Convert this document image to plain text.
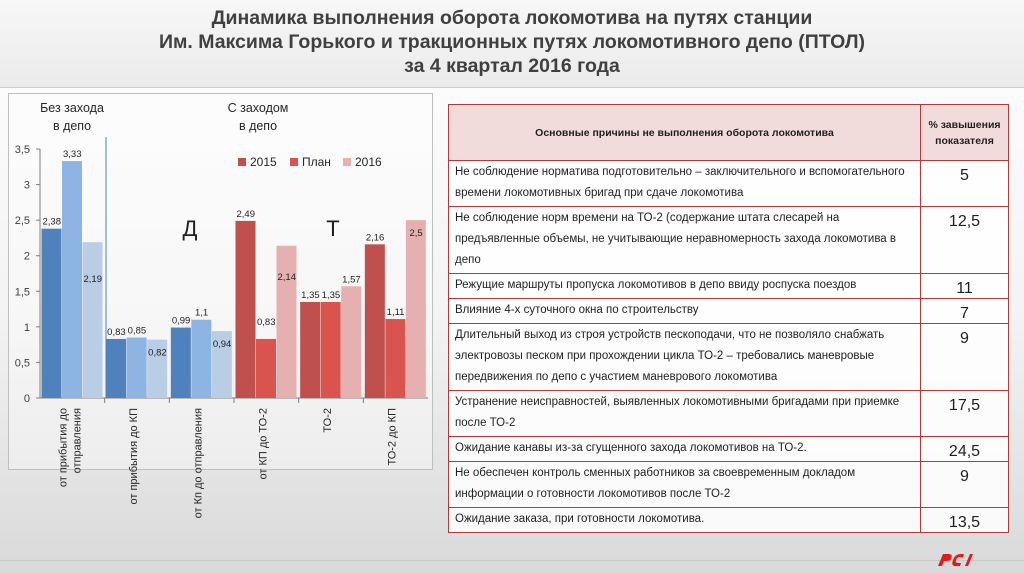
Динамика выполнения оборота локомотива на путях станции
Им. Максима Горького и тракционных путях локомотивного депо (ПТОЛ)
за 4 квартал 2016 года
0
0,5
1
1,5
2
2,5
3
3,5
2,38
3,33
2,19
от прибытия до отправления
0,83 0,85
0,82
от прибытия до КП
0,99
1,1
0,94
от Кп до отправления
2,49
0,83
2,14
от КП до ТО-2
1,35 1,35
1,57
ТО-2
2,16
1,11
2,5
ТО-2 до КП
Без захода
в депо
С заходом
в депо
2015 План 2016
Д	Т
Основные причины не выполнения оборота локомотива	% завышения показателя
Не соблюдение норматива подготовительно – заключительного и вспомогательного времени локомотивных бригад при сдаче локомотива	5
Не соблюдение норм времени на ТО-2 (содержание штата слесарей на предъявленные объемы, не учитывающие неравномерность захода локомотива в депо	12,5
Режущие маршруты пропуска локомотивов в депо ввиду роспуска поездов	11
Влияние 4-х суточного окна по строительству	7
Длительный выход из строя устройств пескоподачи, что не позволяло снабжать электровозы песком при прохождении цикла ТО-2 – требовались маневровые передвижения по депо с участием маневрового локомотива	9
Устранение неисправностей, выявленных локомотивными бригадами при приемке после ТО-2	17,5
Ожидание канавы из-за сгущенного захода локомотивов на ТО-2.	24,5
Не обеспечен контроль сменных работников за своевременным докладом информации о готовности локомотивов после ТО-2	9
Ожидание заказа, при готовности локомотива.	13,5
